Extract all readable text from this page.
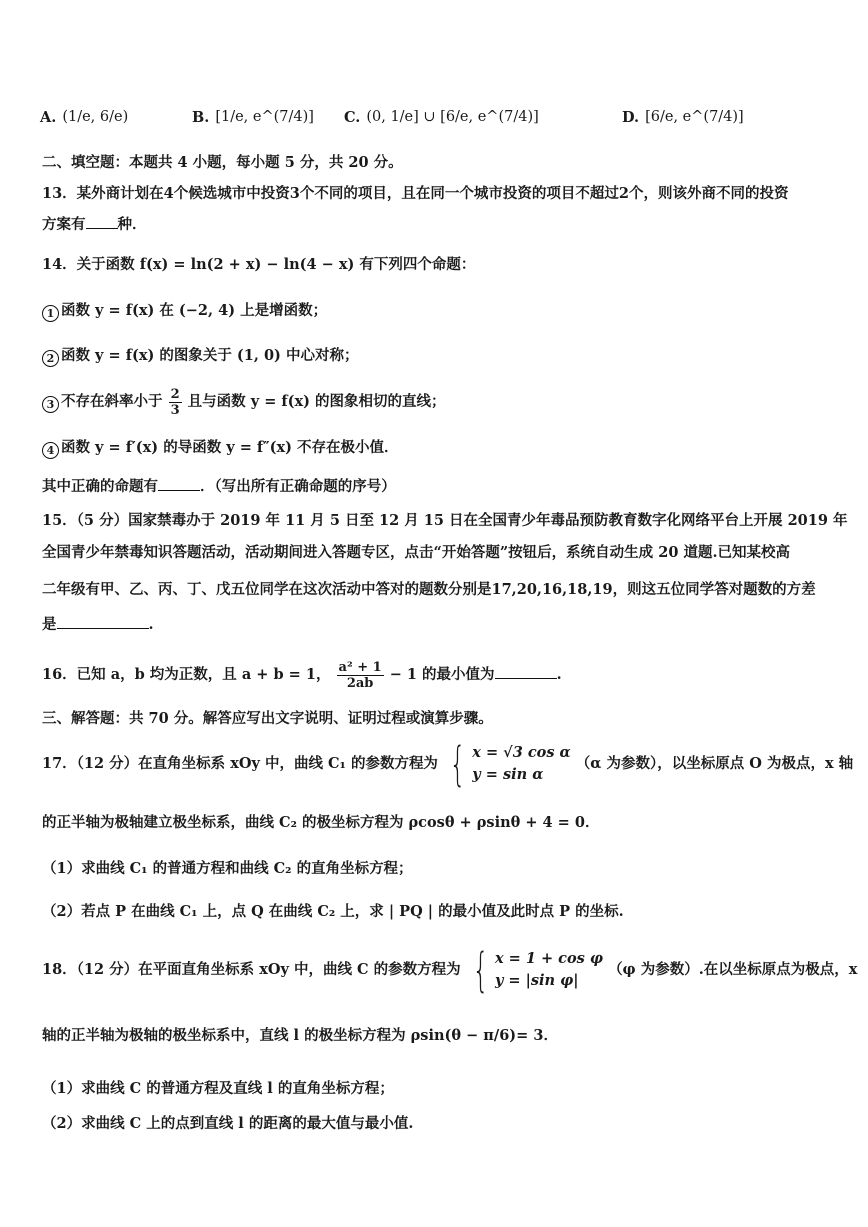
A. (1/e, 6/e)	B. [1/e, e^(7/4)] C. (0, 1/e] ∪ [6/e, e^(7/4)]	D. [6/e, e^(7/4)]
二、填空题：本题共 4 小题，每小题 5 分，共 20 分。
13．某外商计划在4个候选城市中投资3个不同的项目，且在同一个城市投资的项目不超过2个，则该外商不同的投资
方案有 种．
14．关于函数 f(x) = ln(2 + x) − ln(4 − x) 有下列四个命题：
1 函数 y = f(x) 在 (−2, 4) 上是增函数；
2 函数 y = f(x) 的图象关于 (1, 0) 中心对称；
3 不存在斜率小于 $\frac{2}{3}$ 且与函数 y = f(x) 的图象相切的直线；
4 函数 y = f′(x) 的导函数 y = f″(x) 不存在极小值．
其中正确的命题有	．（写出所有正确命题的序号）
15．（5 分）国家禁毒办于 2019 年 11 月 5 日至 12 月 15 日在全国青少年毒品预防教育数字化网络平台上开展 2019 年
全国青少年禁毒知识答题活动，活动期间进入答题专区，点击“开始答题”按钮后，系统自动生成 20 道题.已知某校高
二年级有甲、乙、丙、丁、戊五位同学在这次活动中答对的题数分别是17,20,16,18,19，则这五位同学答对题数的方差
是	.
16．已知 a，b 均为正数，且 a + b = 1， $\frac{\text{a² + 1}}{2ab} - 1$ 的最小值为	.
三、解答题：共 70 分。解答应写出文字说明、证明过程或演算步骤。
17．（12 分）在直角坐标系 xOy 中，曲线 C₁ 的参数方程为 { x = √3 cos α
y = sin α
（α 为参数），以坐标原点 O 为极点，x 轴
的正半轴为极轴建立极坐标系，曲线 C₂ 的极坐标方程为 ρcosθ + ρsinθ + 4 = 0．
（1）求曲线 C₁ 的普通方程和曲线 C₂ 的直角坐标方程；
（2）若点 P 在曲线 C₁ 上，点 Q 在曲线 C₂ 上，求 | PQ | 的最小值及此时点 P 的坐标.
18．（12 分）在平面直角坐标系 xOy 中，曲线 C 的参数方程为 { x = 1 + cos φ
y = |sin φ|
（φ 为参数）.在以坐标原点为极点，x
轴的正半轴为极轴的极坐标系中，直线 l 的极坐标方程为 ρsin(θ − π/6)= 3．
（1）求曲线 C 的普通方程及直线 l 的直角坐标方程；
（2）求曲线 C 上的点到直线 l 的距离的最大值与最小值.
